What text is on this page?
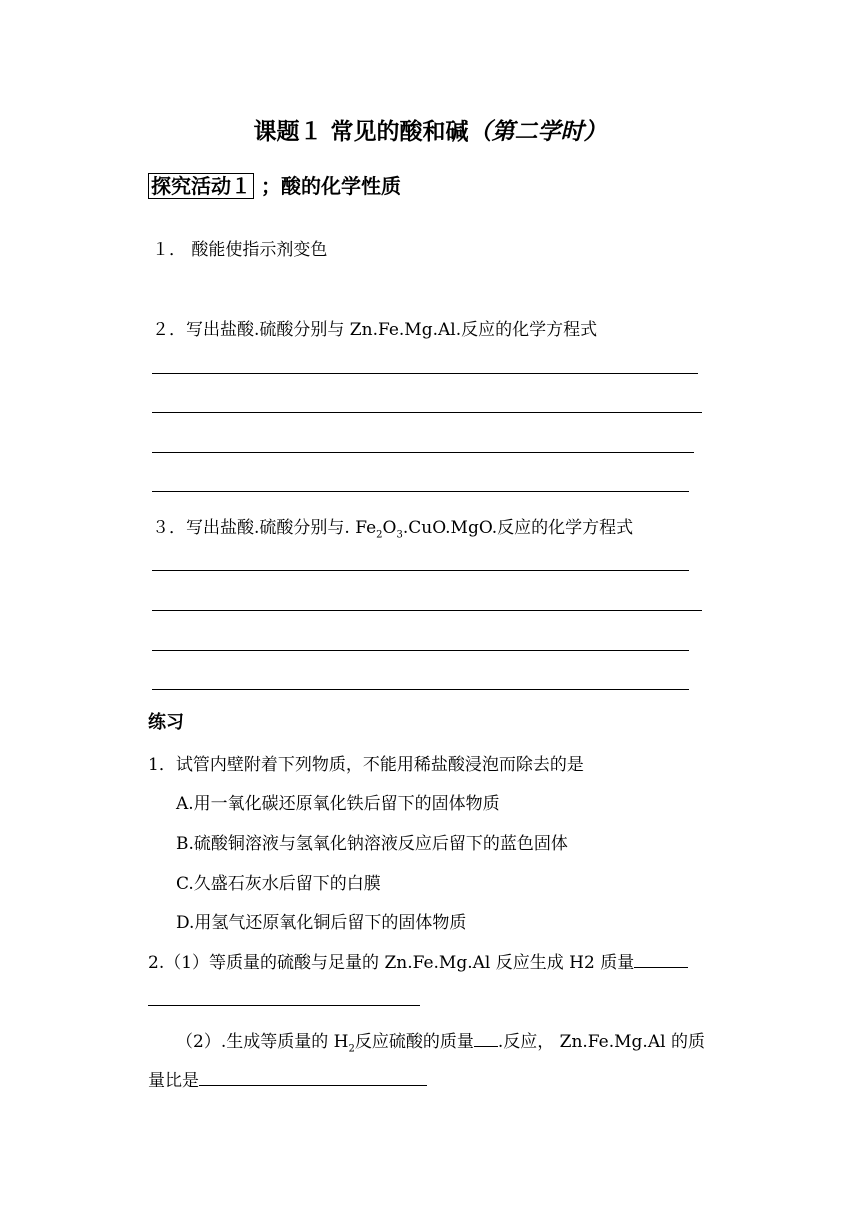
课题１ 常见的酸和碱（第二学时）
探究活动１ ；酸的化学性质
１． 酸能使指示剂变色
２．写出盐酸.硫酸分别与 Zn.Fe.Mg.Al.反应的化学方程式
３．写出盐酸.硫酸分别与. $Fe_2O_3.CuO.MgO$.反应的化学方程式
练习
1．试管内壁附着下列物质，不能用稀盐酸浸泡而除去的是
A.用一氧化碳还原氧化铁后留下的固体物质
B.硫酸铜溶液与氢氧化钠溶液反应后留下的蓝色固体
C.久盛石灰水后留下的白膜
D.用氢气还原氧化铜后留下的固体物质
2.（1）等质量的硫酸与足量的 Zn.Fe.Mg.Al 反应生成 H2 质量
（2）.生成等质量的 $H_2$反应硫酸的质量 .反应， Zn.Fe.Mg.Al 的质
量比是
